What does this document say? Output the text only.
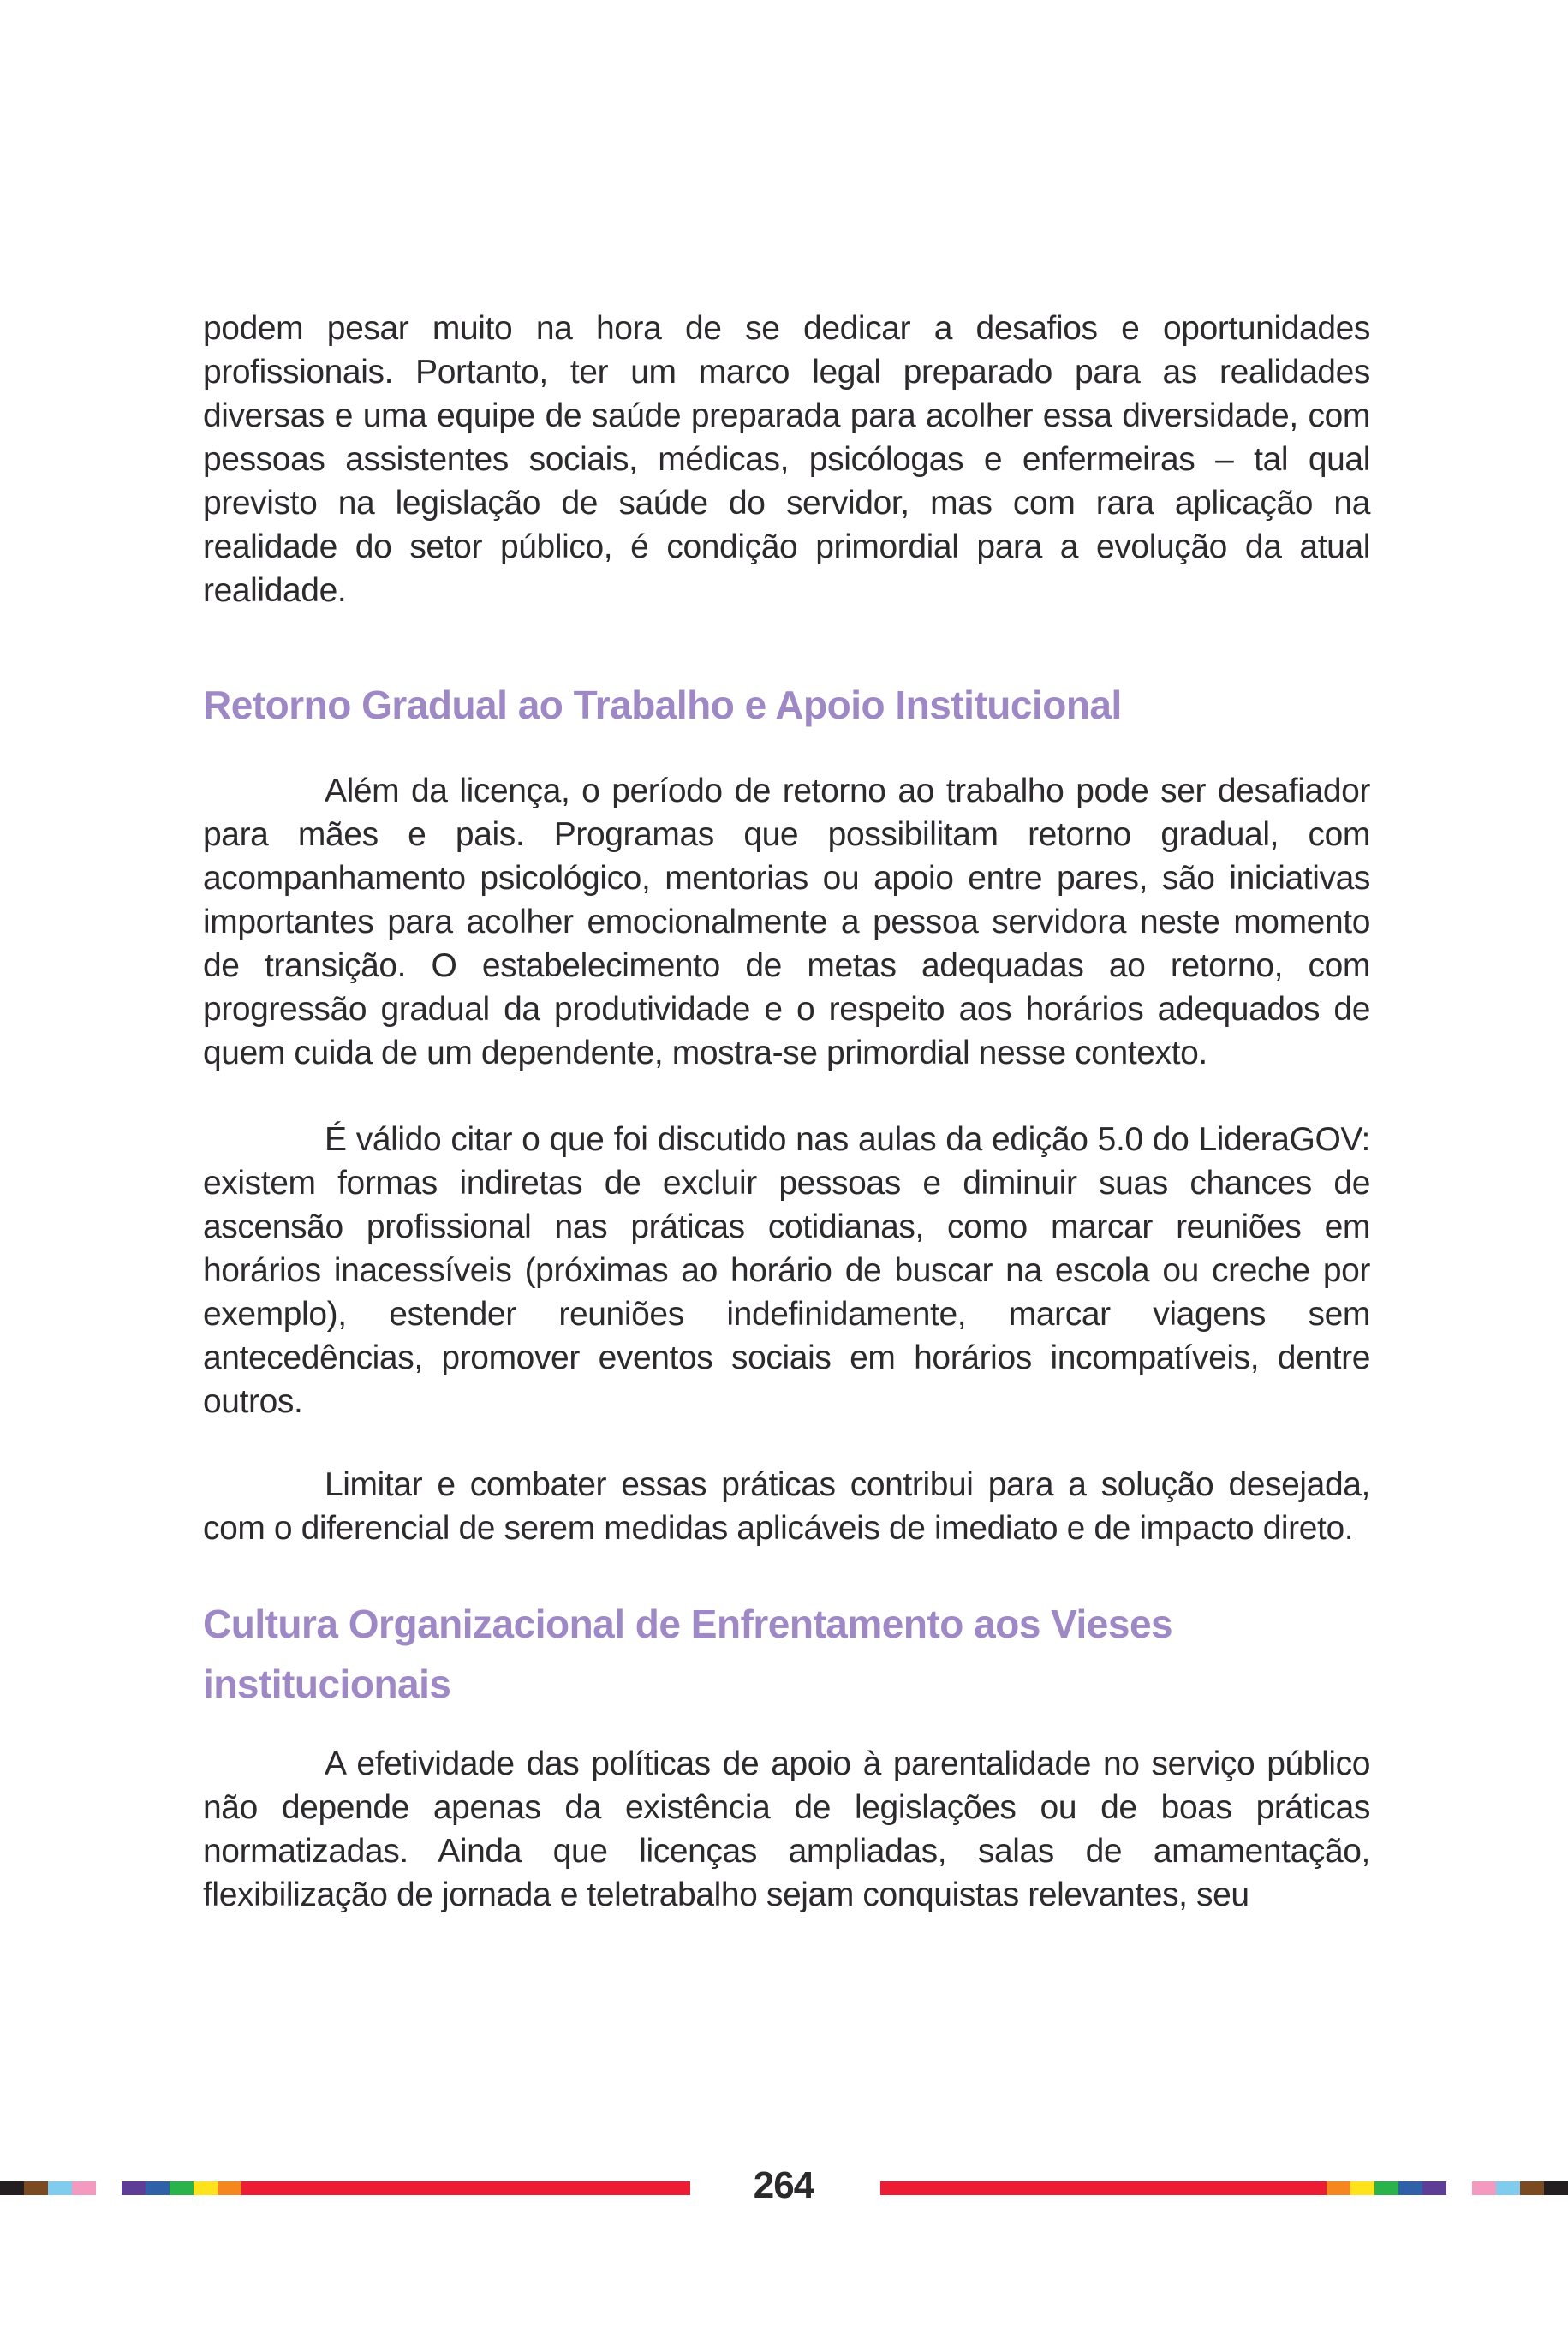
podem pesar muito na hora de se dedicar a desafios e oportunidades profissionais. Portanto, ter um marco legal preparado para as realidades diversas e uma equipe de saúde preparada para acolher essa diversidade, com pessoas assistentes sociais, médicas, psicólogas e enfermeiras – tal qual previsto na legislação de saúde do servidor, mas com rara aplicação na realidade do setor público, é condição primordial para a evolução da atual realidade.

Retorno Gradual ao Trabalho e Apoio Institucional

Além da licença, o período de retorno ao trabalho pode ser desafiador para mães e pais. Programas que possibilitam retorno gradual, com acompanhamento psicológico, mentorias ou apoio entre pares, são iniciativas importantes para acolher emocionalmente a pessoa servidora neste momento de transição. O estabelecimento de metas adequadas ao retorno, com progressão gradual da produtividade e o respeito aos horários adequados de quem cuida de um dependente, mostra-se primordial nesse contexto.

É válido citar o que foi discutido nas aulas da edição 5.0 do LideraGOV: existem formas indiretas de excluir pessoas e diminuir suas chances de ascensão profissional nas práticas cotidianas, como marcar reuniões em horários inacessíveis (próximas ao horário de buscar na escola ou creche por exemplo), estender reuniões indefinidamente, marcar viagens sem antecedências, promover eventos sociais em horários incompatíveis, dentre outros.

Limitar e combater essas práticas contribui para a solução desejada, com o diferencial de serem medidas aplicáveis de imediato e de impacto direto.

Cultura Organizacional de Enfrentamento aos Vieses
institucionais

A efetividade das políticas de apoio à parentalidade no serviço público não depende apenas da existência de legislações ou de boas práticas normatizadas. Ainda que licenças ampliadas, salas de amamentação, flexibilização de jornada e teletrabalho sejam conquistas relevantes, seu

264
